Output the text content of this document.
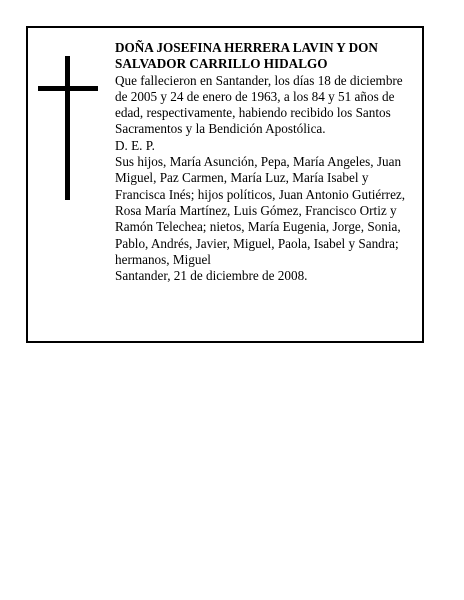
DOÑA JOSEFINA HERRERA LAVIN Y DON SALVADOR CARRILLO HIDALGO

Que fallecieron en Santander, los días 18 de diciembre de 2005 y 24 de enero de 1963, a los 84 y 51 años de edad, respectivamente, habiendo recibido los Santos Sacramentos y la Bendición Apostólica.

D. E. P.

Sus hijos, María Asunción, Pepa, María Angeles, Juan Miguel, Paz Carmen, María Luz, María Isabel y Francisca Inés; hijos políticos, Juan Antonio Gutiérrez, Rosa María Martínez, Luis Gómez, Francisco Ortiz y Ramón Telechea; nietos, María Eugenia, Jorge, Sonia, Pablo, Andrés, Javier, Miguel, Paola, Isabel y Sandra; hermanos, Miguel

Santander, 21 de diciembre de 2008.
